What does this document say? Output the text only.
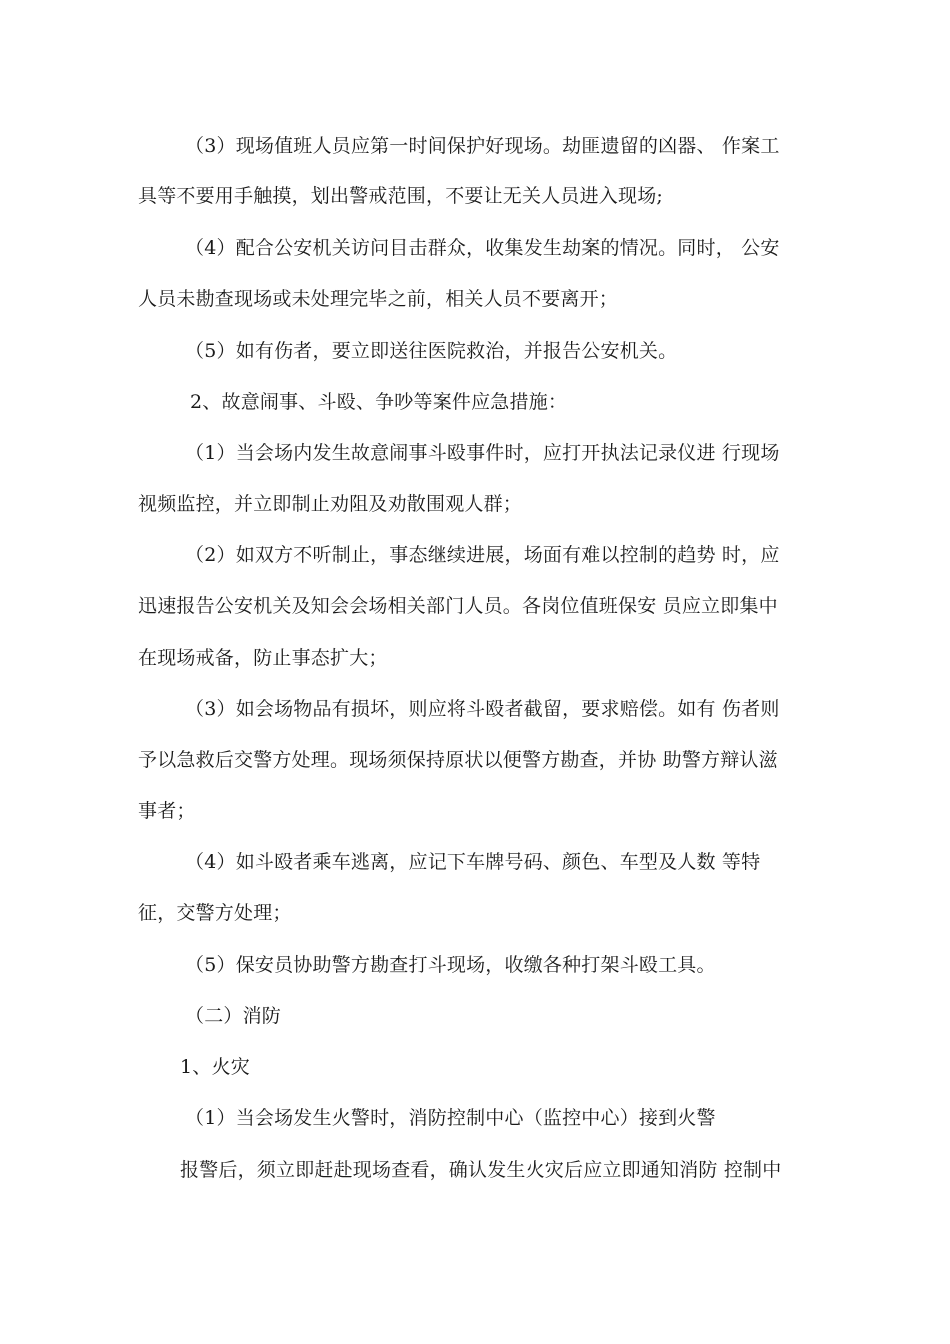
（3）现场值班人员应第一时间保护好现场。劫匪遗留的凶器、 作案工
具等不要用手触摸，划出警戒范围，不要让无关人员进入现场;
（4）配合公安机关访问目击群众，收集发生劫案的情况。同时， 公安
人员未勘查现场或未处理完毕之前，相关人员不要离开；
（5）如有伤者，要立即送往医院救治，并报告公安机关。
2、故意闹事、斗殴、争吵等案件应急措施：
（1）当会场内发生故意闹事斗殴事件时，应打开执法记录仪进 行现场
视频监控，并立即制止劝阻及劝散围观人群；
（2）如双方不听制止，事态继续进展，场面有难以控制的趋势 时，应
迅速报告公安机关及知会会场相关部门人员。各岗位值班保安 员应立即集中
在现场戒备，防止事态扩大；
（3）如会场物品有损坏，则应将斗殴者截留，要求赔偿。如有 伤者则
予以急救后交警方处理。现场须保持原状以便警方勘查，并协 助警方辩认滋
事者；
（4）如斗殴者乘车逃离，应记下车牌号码、颜色、车型及人数 等特
征，交警方处理；
（5）保安员协助警方勘查打斗现场，收缴各种打架斗殴工具。
（二）消防
1、火灾
（1）当会场发生火警时，消防控制中心（监控中心）接到火警
报警后，须立即赶赴现场查看，确认发生火灾后应立即通知消防 控制中
